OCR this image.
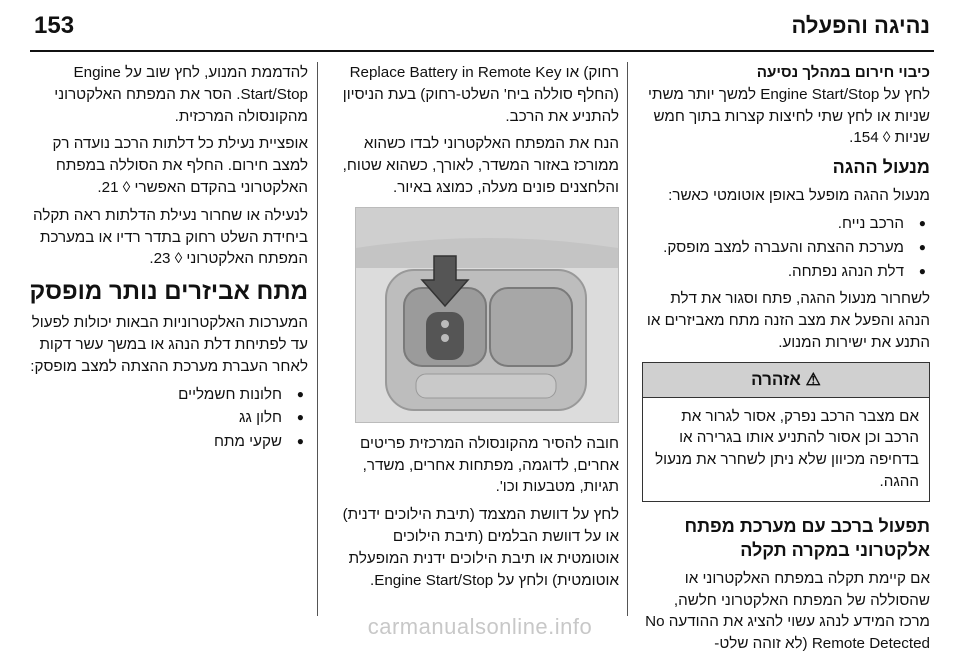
153	נהיגה והפעלה

כיבוי חירום במהלך נסיעה
לחץ על Engine Start/Stop למשך יותר משתי שניות או לחץ שתי לחיצות קצרות בתוך חמש שניות ◊ 154.

מנעול ההגה

מנעול ההגה מופעל באופן אוטומטי כאשר:

● הרכב נייח.
● מערכת ההצתה והעברה למצב מופסק.
● דלת הנהג נפתחה.

לשחרור מנעול ההגה, פתח וסגור את דלת הנהג והפעל את מצב הזנה מתח מאביזרים או התנע את ישירות המנוע.

⚠ אזהרה
אם מצבר הרכב נפרק, אסור לגרור את הרכב וכן אסור להתניע אותו בגרירה או בדחיפה מכיוון שלא ניתן לשחרר את מנעול ההגה.
תפעול ברכב עם מערכת מפתח אלקטרוני במקרה תקלה

אם קיימת תקלה במפתח האלקטרוני או שהסוללה של המפתח האלקטרוני חלשה, מרכז המידע לנהג עשוי להציג את ההודעה No Remote Detected (לא זוהה שלט-

רחוק) או Replace Battery in Remote Key (החלף סוללה ביח' השלט-רחוק) בעת הניסיון להתניע את הרכב.

הנח את המפתח האלקטרוני לבדו כשהוא ממורכז באזור המשדר, לאורך, כשהוא שטוח, והלחצנים פונים מעלה, כמוצג באיור.

חובה להסיר מהקונסולה המרכזית פריטים אחרים, לדוגמה, מפתחות אחרים, משדר, תגיות, מטבעות וכו'.

לחץ על דוושת המצמד (תיבת הילוכים ידנית) או על דוושת הבלמים (תיבת הילוכים אוטומטית או תיבת הילוכים ידנית המופעלת אוטומטית) ולחץ על Engine Start/Stop.

להדממת המנוע, לחץ שוב על Engine Start/Stop. הסר את המפתח האלקטרוני מהקונסולה המרכזית.

אופציית נעילת כל דלתות הרכב נועדה רק למצב חירום. החלף את הסוללה במפתח האלקטרוני בהקדם האפשרי ◊ 21.

לנעילה או שחרור נעילת הדלתות ראה תקלה ביחידת השלט רחוק בתדר רדיו או במערכת המפתח האלקטרוני ◊ 23.

מתח אביזרים נותר מופסק

המערכות האלקטרוניות הבאות יכולות לפעול עד לפתיחת דלת הנהג או במשך עשר דקות לאחר העברת מערכת ההצתה למצב מופסק:

● חלונות חשמליים
● חלון גג
● שקעי מתח
carmanualsonline.info
